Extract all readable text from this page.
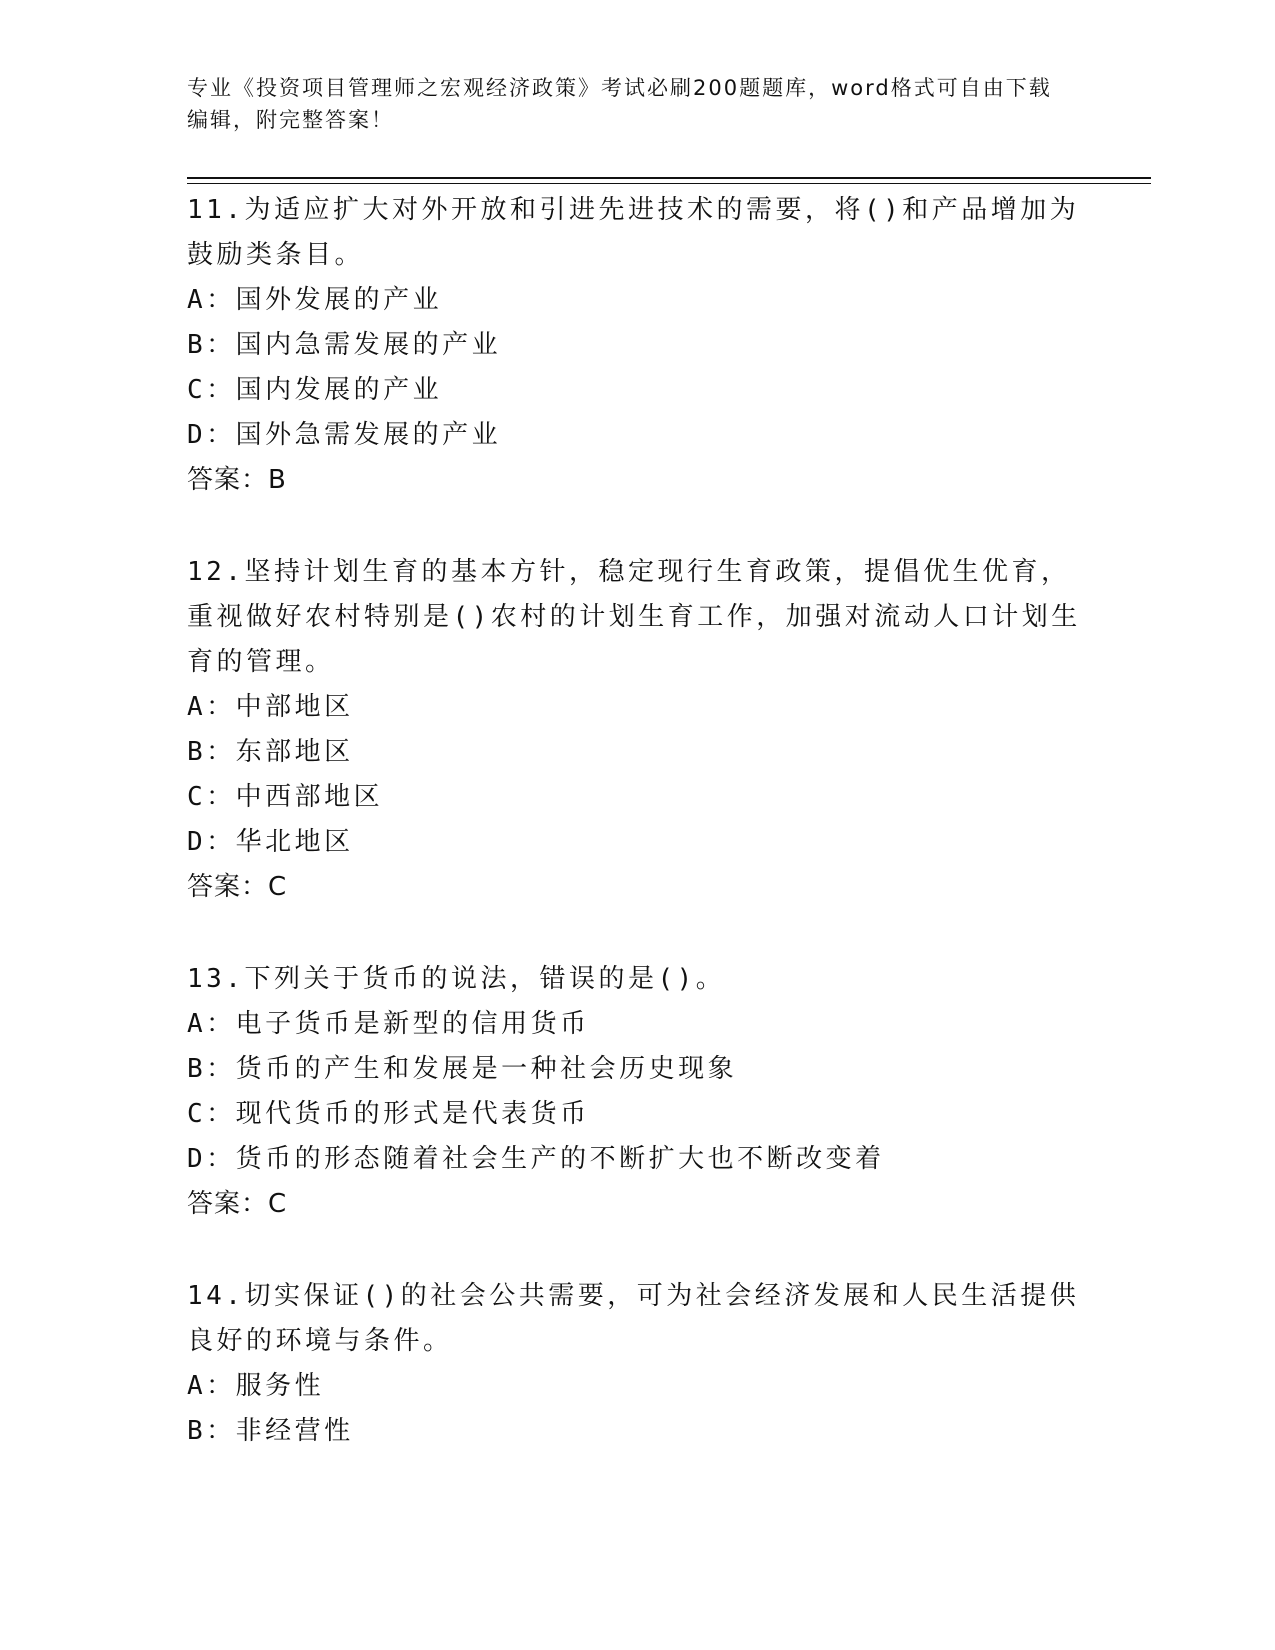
专业《投资项目管理师之宏观经济政策》考试必刷200题题库，word格式可自由下载编辑，附完整答案！

11.为适应扩大对外开放和引进先进技术的需要，将()和产品增加为鼓励类条目。

A：国外发展的产业

B：国内急需发展的产业

C：国内发展的产业

D：国外急需发展的产业

答案：B

12.坚持计划生育的基本方针，稳定现行生育政策，提倡优生优育，重视做好农村特别是()农村的计划生育工作，加强对流动人口计划生育的管理。

A：中部地区

B：东部地区

C：中西部地区

D：华北地区

答案：C

13.下列关于货币的说法，错误的是()。

A：电子货币是新型的信用货币

B：货币的产生和发展是一种社会历史现象

C：现代货币的形式是代表货币

D：货币的形态随着社会生产的不断扩大也不断改变着

答案：C

14.切实保证()的社会公共需要，可为社会经济发展和人民生活提供良好的环境与条件。

A：服务性

B：非经营性
